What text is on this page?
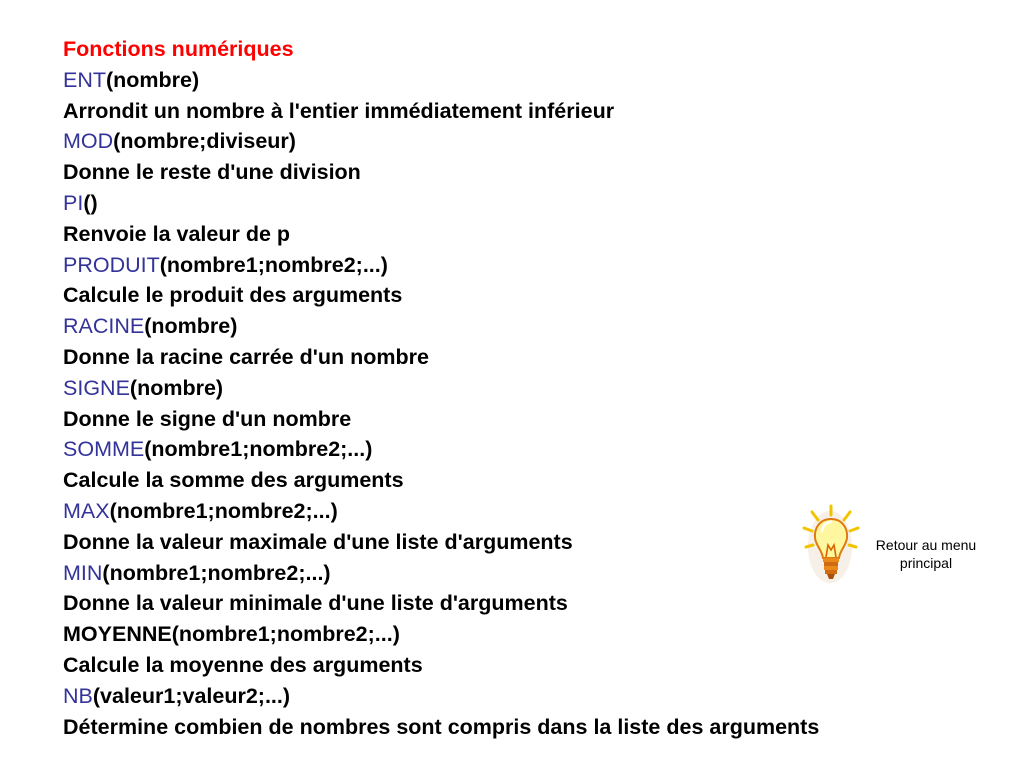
Fonctions numériques
ENT(nombre)
Arrondit un nombre à l'entier immédiatement inférieur
MOD(nombre;diviseur)
Donne le reste d'une division
PI()
Renvoie la valeur de p
PRODUIT(nombre1;nombre2;...)
Calcule le produit des arguments
RACINE(nombre)
Donne la racine carrée d'un nombre
SIGNE(nombre)
Donne le signe d'un nombre
SOMME(nombre1;nombre2;...)
Calcule la somme des arguments
MAX(nombre1;nombre2;...)
Donne la valeur maximale d'une liste d'arguments
MIN(nombre1;nombre2;...)
Donne la valeur minimale d'une liste d'arguments
MOYENNE(nombre1;nombre2;...)
Calcule la moyenne des arguments
NB(valeur1;valeur2;...)
Détermine combien de nombres sont compris dans la liste des arguments
Retour au menu
principal
